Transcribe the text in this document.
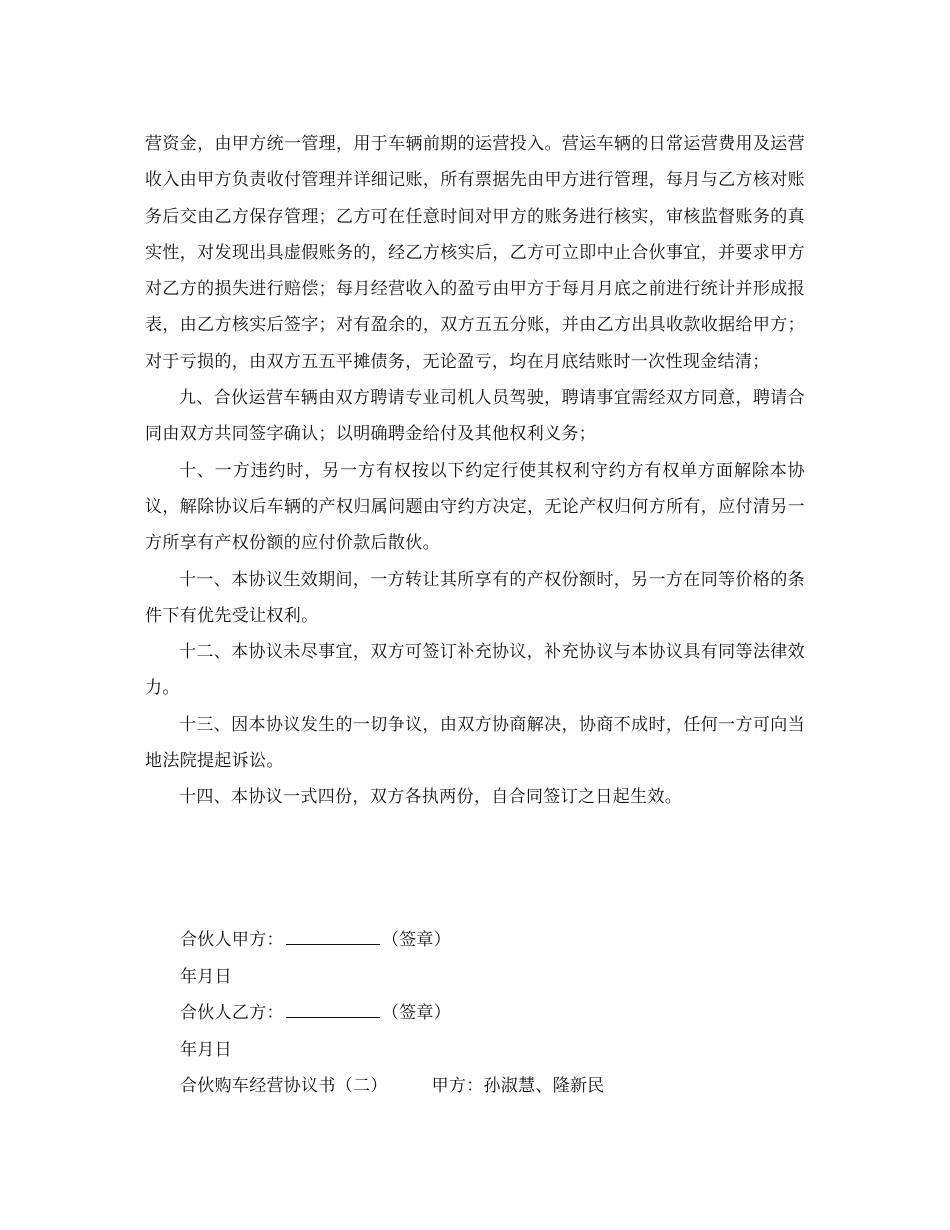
营资金，由甲方统一管理，用于车辆前期的运营投入。营运车辆的日常运营费用及运营收入由甲方负责收付管理并详细记账，所有票据先由甲方进行管理，每月与乙方核对账务后交由乙方保存管理；乙方可在任意时间对甲方的账务进行核实，审核监督账务的真实性，对发现出具虚假账务的，经乙方核实后，乙方可立即中止合伙事宜，并要求甲方对乙方的损失进行赔偿；每月经营收入的盈亏由甲方于每月月底之前进行统计并形成报表，由乙方核实后签字；对有盈余的，双方五五分账，并由乙方出具收款收据给甲方；对于亏损的，由双方五五平摊债务，无论盈亏，均在月底结账时一次性现金结清；

九、合伙运营车辆由双方聘请专业司机人员驾驶，聘请事宜需经双方同意，聘请合同由双方共同签字确认；以明确聘金给付及其他权利义务；

十、一方违约时，另一方有权按以下约定行使其权利守约方有权单方面解除本协议，解除协议后车辆的产权归属问题由守约方决定，无论产权归何方所有，应付清另一方所享有产权份额的应付价款后散伙。

十一、本协议生效期间，一方转让其所享有的产权份额时，另一方在同等价格的条件下有优先受让权利。

十二、本协议未尽事宜，双方可签订补充协议，补充协议与本协议具有同等法律效力。

十三、因本协议发生的一切争议，由双方协商解决，协商不成时，任何一方可向当地法院提起诉讼。

十四、本协议一式四份，双方各执两份，自合同签订之日起生效。

合伙人甲方：	（签章）
年月日
合伙人乙方：	（签章）
年月日
合伙购车经营协议书（二）	甲方：孙淑慧、隆新民
